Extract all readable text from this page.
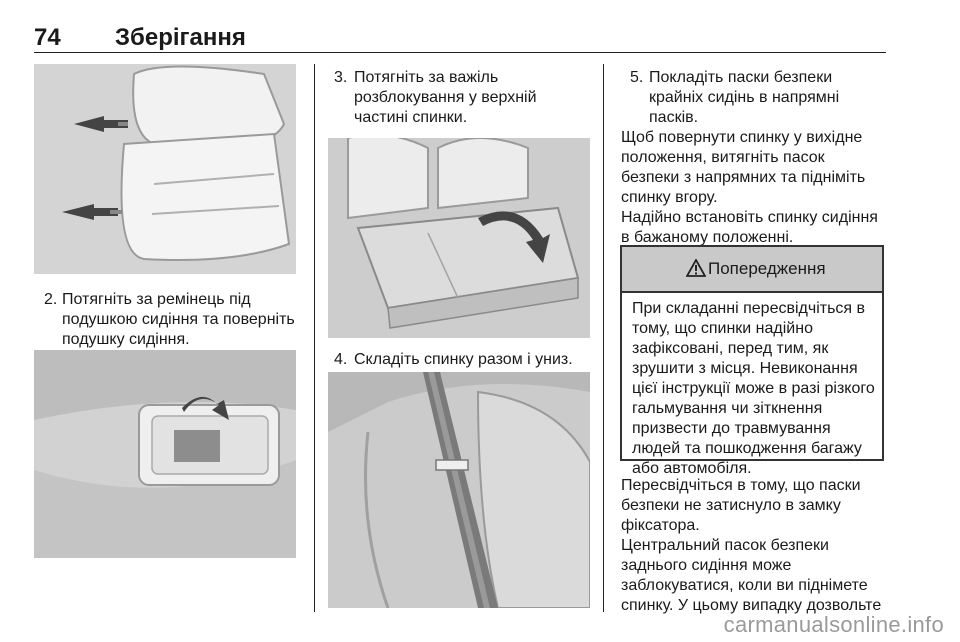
74 Зберігання
2. Потягніть за ремінець під
подушкою сидіння та поверніть
подушку сидіння.
3. Потягніть за важіль
розблокування у верхній
частині спинки.
4. Складіть спинку разом і униз.
5. Покладіть паски безпеки
крайніх сидінь в напрямні
пасків.
Щоб повернути спинку у вихідне
положення, витягніть пасок
безпеки з напрямних та підніміть
спинку вгору.
Надійно встановіть спинку сидіння
в бажаному положенні.
Попередження
При складанні пересвідчіться в
тому, що спинки надійно
зафіксовані, перед тим, як
зрушити з місця. Невиконання
цієї інструкції може в разі різкого
гальмування чи зіткнення
призвести до травмування
людей та пошкодження багажу
або автомобіля.
Пересвідчіться в тому, що паски
безпеки не затиснуло в замку
фіксатора.
Центральний пасок безпеки
заднього сидіння може
заблокуватися, коли ви піднімете
спинку. У цьому випадку дозвольте
carmanualsonline.info
